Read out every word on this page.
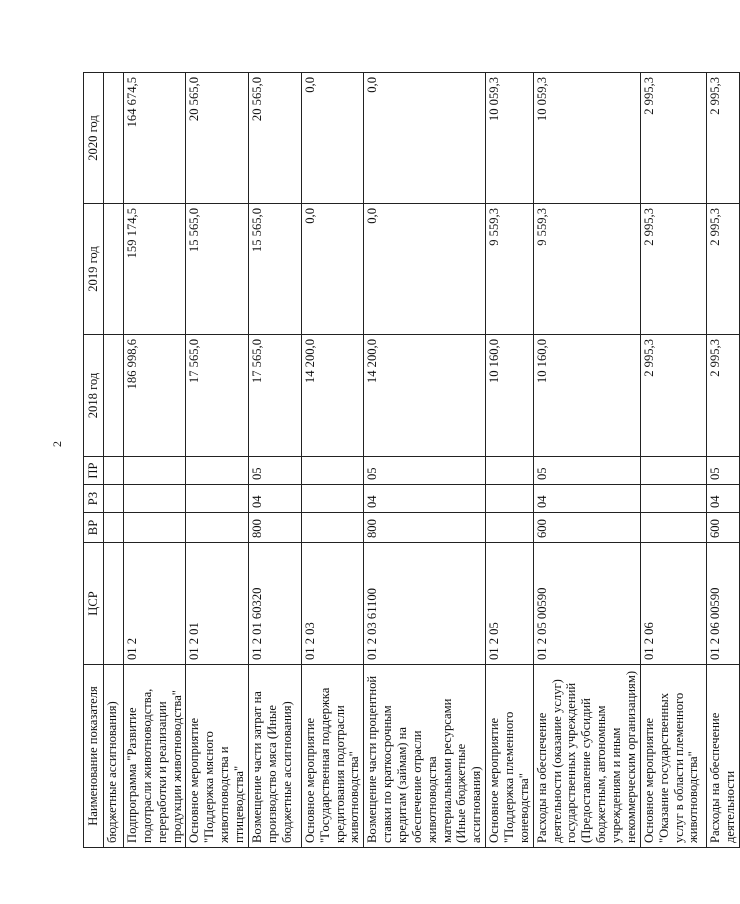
2
Наименование показателя	ЦСР	ВР	РЗ	ПР	2018 год	2019 год	2020 год
бюджетные ассигнования)							
Подпрограмма "Развитие подотрасли животноводства, переработки и реализации продукции животноводства"	01 2				186 998,6	159 174,5	164 674,5
Основное мероприятие "Поддержка мясного животноводства и птицеводства"	01 2 01				17 565,0	15 565,0	20 565,0
Возмещение части затрат на производство мяса (Иные бюджетные ассигнования)	01 2 01 60320	800	04	05	17 565,0	15 565,0	20 565,0
Основное мероприятие "Государственная поддержка кредитования подотрасли животноводства"	01 2 03				14 200,0	0,0	0,0
Возмещение части процентной ставки по краткосрочным кредитам (займам) на обеспечение отрасли животноводства материальными ресурсами (Иные бюджетные ассигнования)	01 2 03 61100	800	04	05	14 200,0	0,0	0,0
Основное мероприятие "Поддержка племенного коневодства"	01 2 05				10 160,0	9 559,3	10 059,3
Расходы на обеспечение деятельности (оказание услуг) государственных учреждений (Предоставление субсидий бюджетным, автономным учреждениям и иным некоммерческим организациям)	01 2 05 00590	600	04	05	10 160,0	9 559,3	10 059,3
Основное мероприятие "Оказание государственных услуг в области племенного животноводства"	01 2 06				2 995,3	2 995,3	2 995,3
Расходы на обеспечение деятельности	01 2 06 00590	600	04	05	2 995,3	2 995,3	2 995,3
